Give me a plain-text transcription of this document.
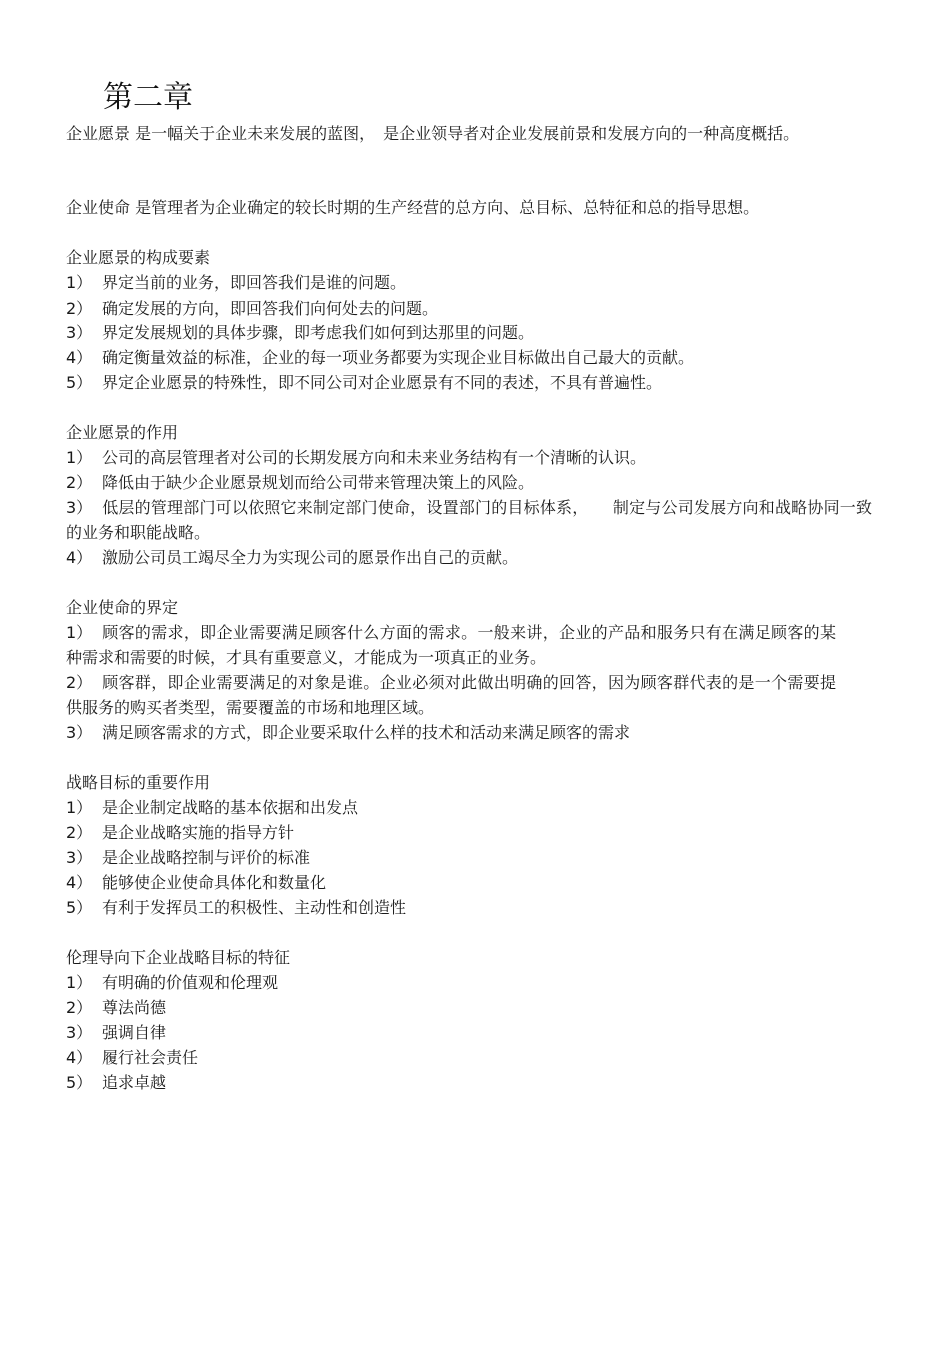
第二章
企业愿景 是一幅关于企业未来发展的蓝图，　是企业领导者对企业发展前景和发展方向的一种高度概括。
企业使命 是管理者为企业确定的较长时期的生产经营的总方向、总目标、总特征和总的指导思想。
企业愿景的构成要素
1） 界定当前的业务，即回答我们是谁的问题。
2） 确定发展的方向，即回答我们向何处去的问题。
3） 界定发展规划的具体步骤，即考虑我们如何到达那里的问题。
4） 确定衡量效益的标准，企业的每一项业务都要为实现企业目标做出自己最大的贡献。
5） 界定企业愿景的特殊性，即不同公司对企业愿景有不同的表述，不具有普遍性。
企业愿景的作用
1） 公司的高层管理者对公司的长期发展方向和未来业务结构有一个清晰的认识。
2） 降低由于缺少企业愿景规划而给公司带来管理决策上的风险。
3） 低层的管理部门可以依照它来制定部门使命，设置部门的目标体系，　　制定与公司发展方向和战略协同一致的业务和职能战略。
4） 激励公司员工竭尽全力为实现公司的愿景作出自己的贡献。
企业使命的界定
1） 顾客的需求，即企业需要满足顾客什么方面的需求。一般来讲，企业的产品和服务只有在满足顾客的某种需求和需要的时候，才具有重要意义，才能成为一项真正的业务。
2） 顾客群，即企业需要满足的对象是谁。企业必须对此做出明确的回答，因为顾客群代表的是一个需要提供服务的购买者类型，需要覆盖的市场和地理区域。
3） 满足顾客需求的方式，即企业要采取什么样的技术和活动来满足顾客的需求
战略目标的重要作用
1） 是企业制定战略的基本依据和出发点
2） 是企业战略实施的指导方针
3） 是企业战略控制与评价的标准
4） 能够使企业使命具体化和数量化
5） 有利于发挥员工的积极性、主动性和创造性
伦理导向下企业战略目标的特征
1） 有明确的价值观和伦理观
2） 尊法尚德
3） 强调自律
4） 履行社会责任
5） 追求卓越
